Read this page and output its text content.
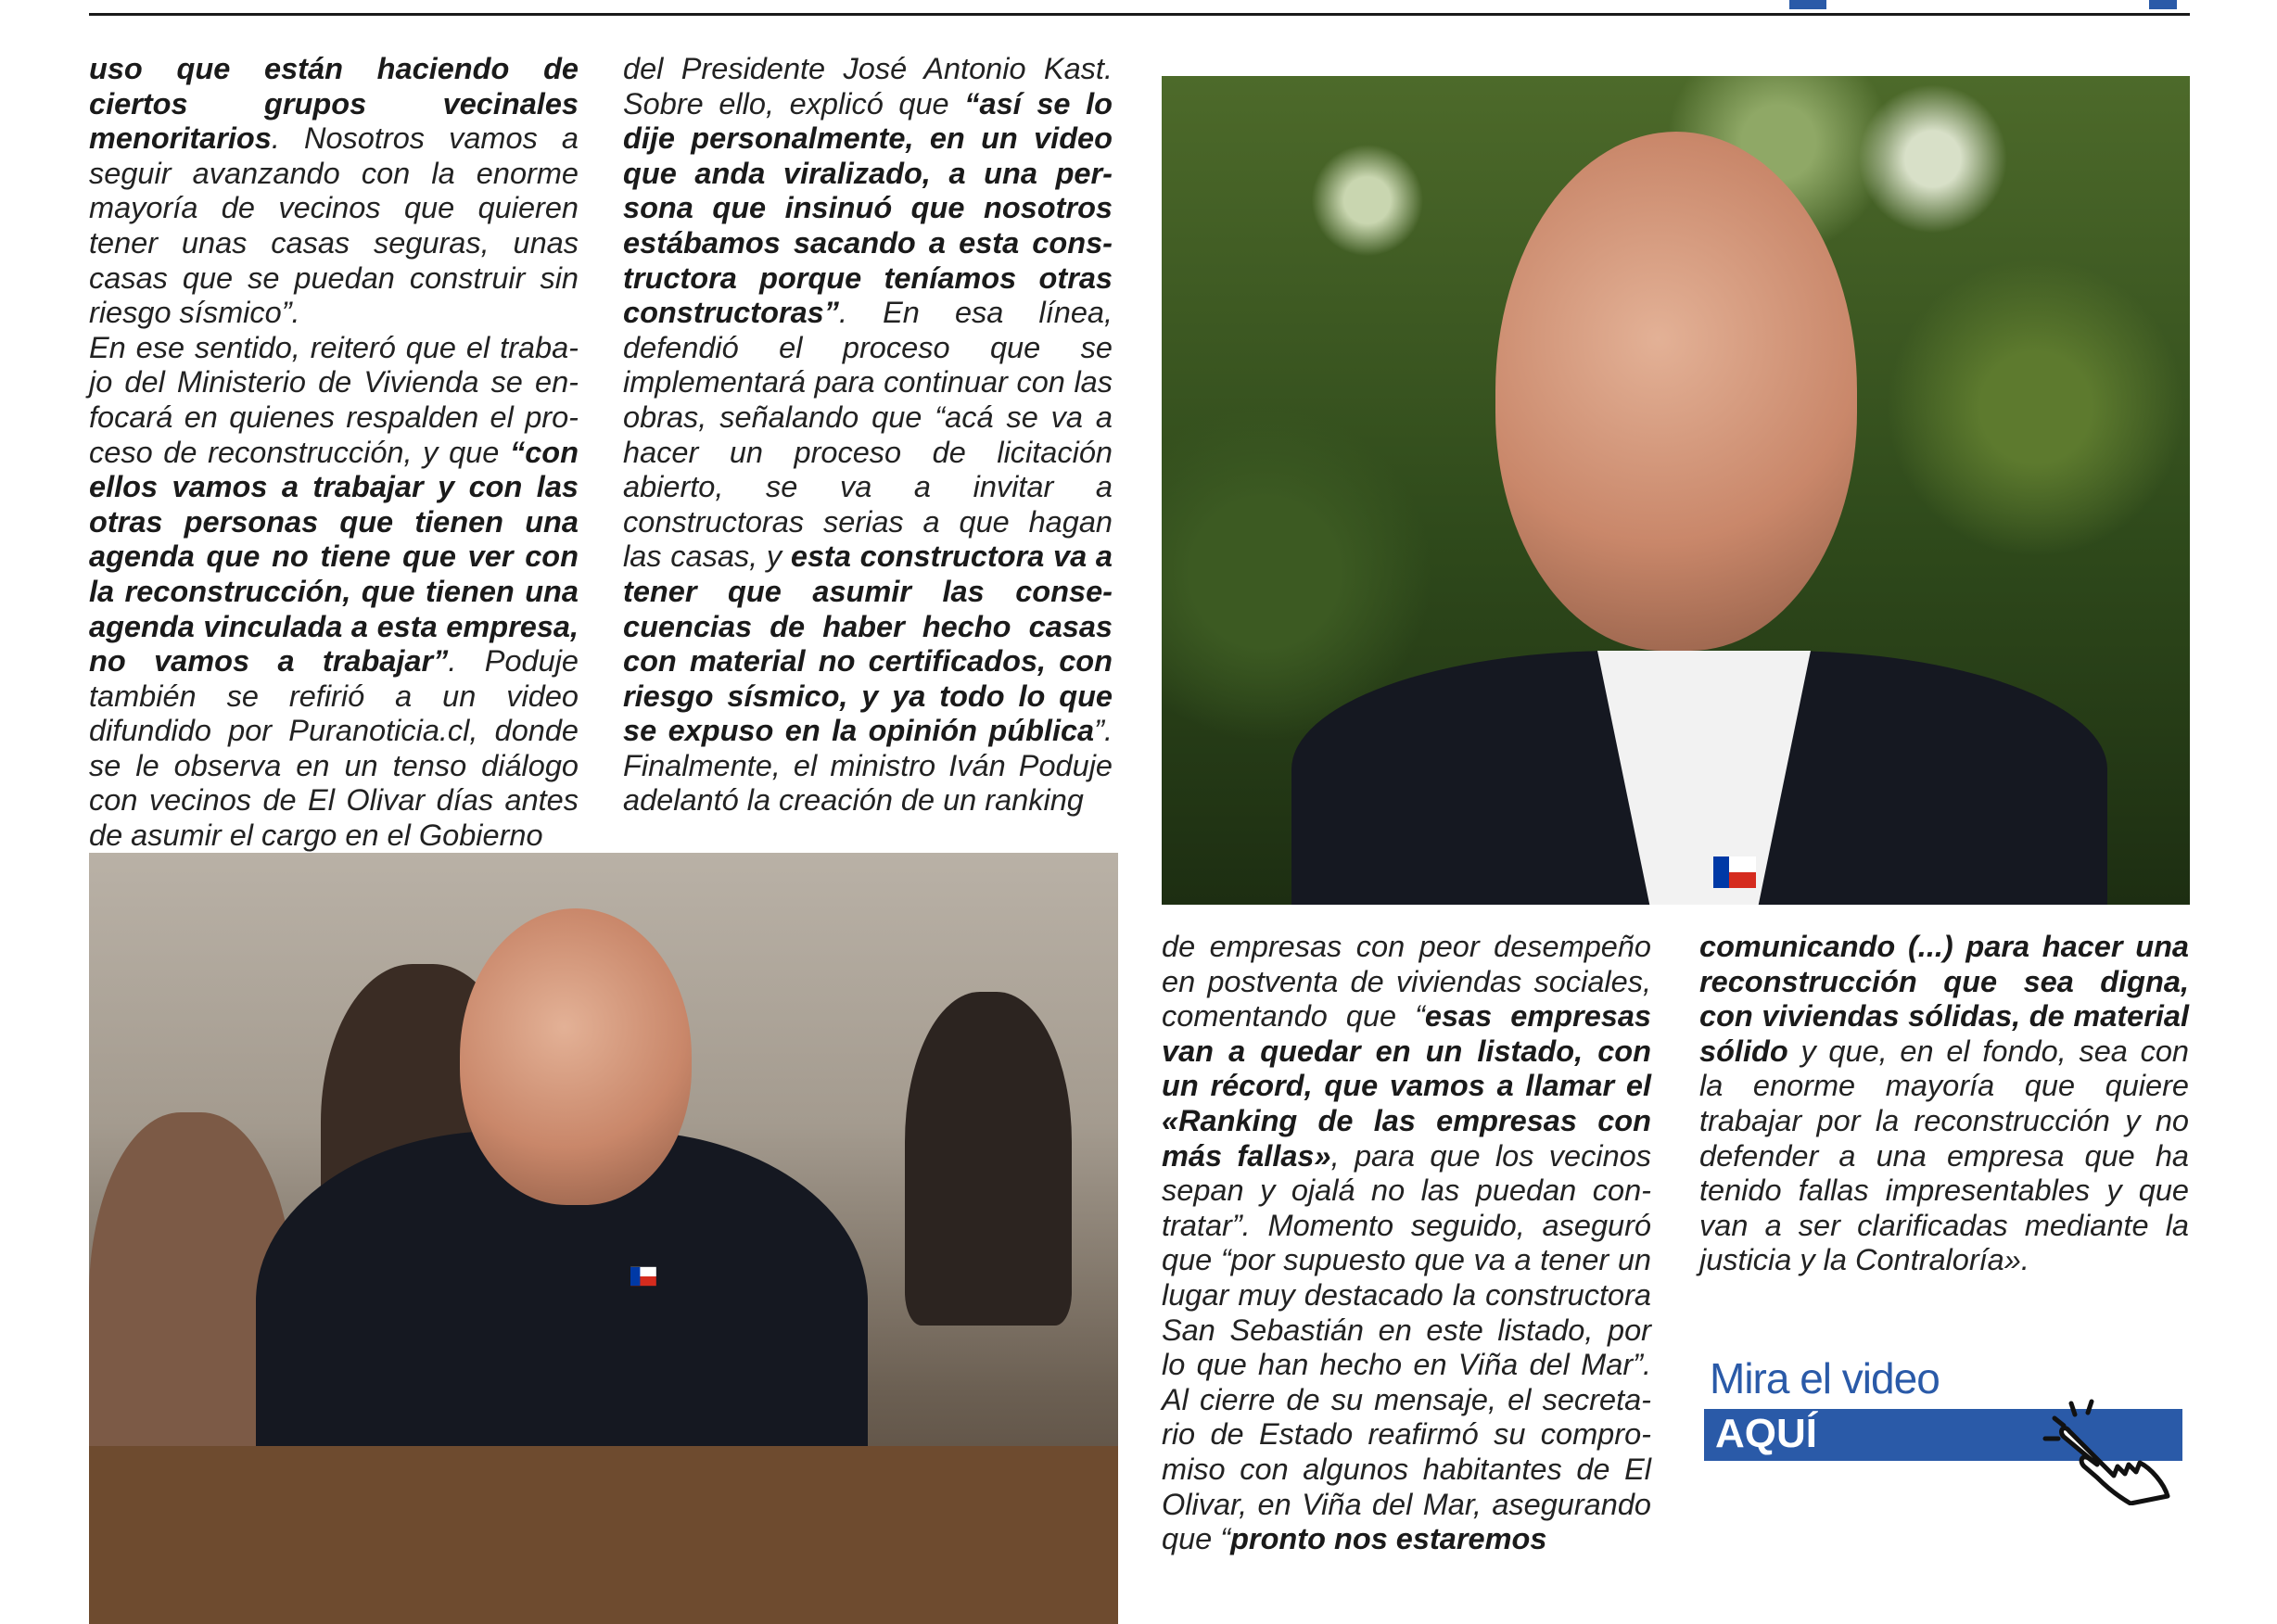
uso que están haciendo de ciertos grupos vecinales menoritarios. Nosotros vamos a seguir avanzando con la enorme mayoría de vecinos que quieren tener unas casas seguras, unas casas que se puedan construir sin riesgo sísmico”.
En ese sentido, reiteró que el trabajo del Ministerio de Vivienda se enfocará en quienes respalden el proceso de reconstrucción, y que “con ellos vamos a trabajar y con las otras personas que tienen una agenda que no tiene que ver con la reconstrucción, que tienen una agenda vinculada a esta empresa, no vamos a trabajar”. Poduje también se refirió a un video difundido por Puranoticia.cl, donde se le observa en un tenso diálogo con vecinos de El Olivar días antes de asumir el cargo en el Gobierno

del Presidente José Antonio Kast. Sobre ello, explicó que “así se lo dije personalmente, en un video que anda viralizado, a una persona que insinuó que nosotros estábamos sacando a esta constructora porque teníamos otras constructoras”. En esa línea, defendió el proceso que se implementará para continuar con las obras, señalando que “acá se va a hacer un proceso de licitación abierto, se va a invitar a constructoras serias a que hagan las casas, y esta constructora va a tener que asumir las consecuencias de haber hecho casas con material no certificados, con riesgo sísmico, y ya todo lo que se expuso en la opinión pública”. Finalmente, el ministro Iván Poduje adelantó la creación de un ranking

de empresas con peor desempeño en postventa de viviendas sociales, comentando que “esas empresas van a quedar en un listado, con un récord, que vamos a llamar el «Ranking de las empresas con más fallas», para que los vecinos sepan y ojalá no las puedan contratar”. Momento seguido, aseguró que “por supuesto que va a tener un lugar muy destacado la constructora San Sebastián en este listado, por lo que han hecho en Viña del Mar”. Al cierre de su mensaje, el secretario de Estado reafirmó su compromiso con algunos habitantes de El Olivar, en Viña del Mar, asegurando que “pronto nos estaremos

comunicando (...) para hacer una reconstrucción que sea digna, con viviendas sólidas, de material sólido y que, en el fondo, sea con la enorme mayoría que quiere trabajar por la reconstrucción y no defender a una empresa que ha tenido fallas impresentables y que van a ser clarificadas mediante la justicia y la Contraloría».

Mira el video
AQUÍ
